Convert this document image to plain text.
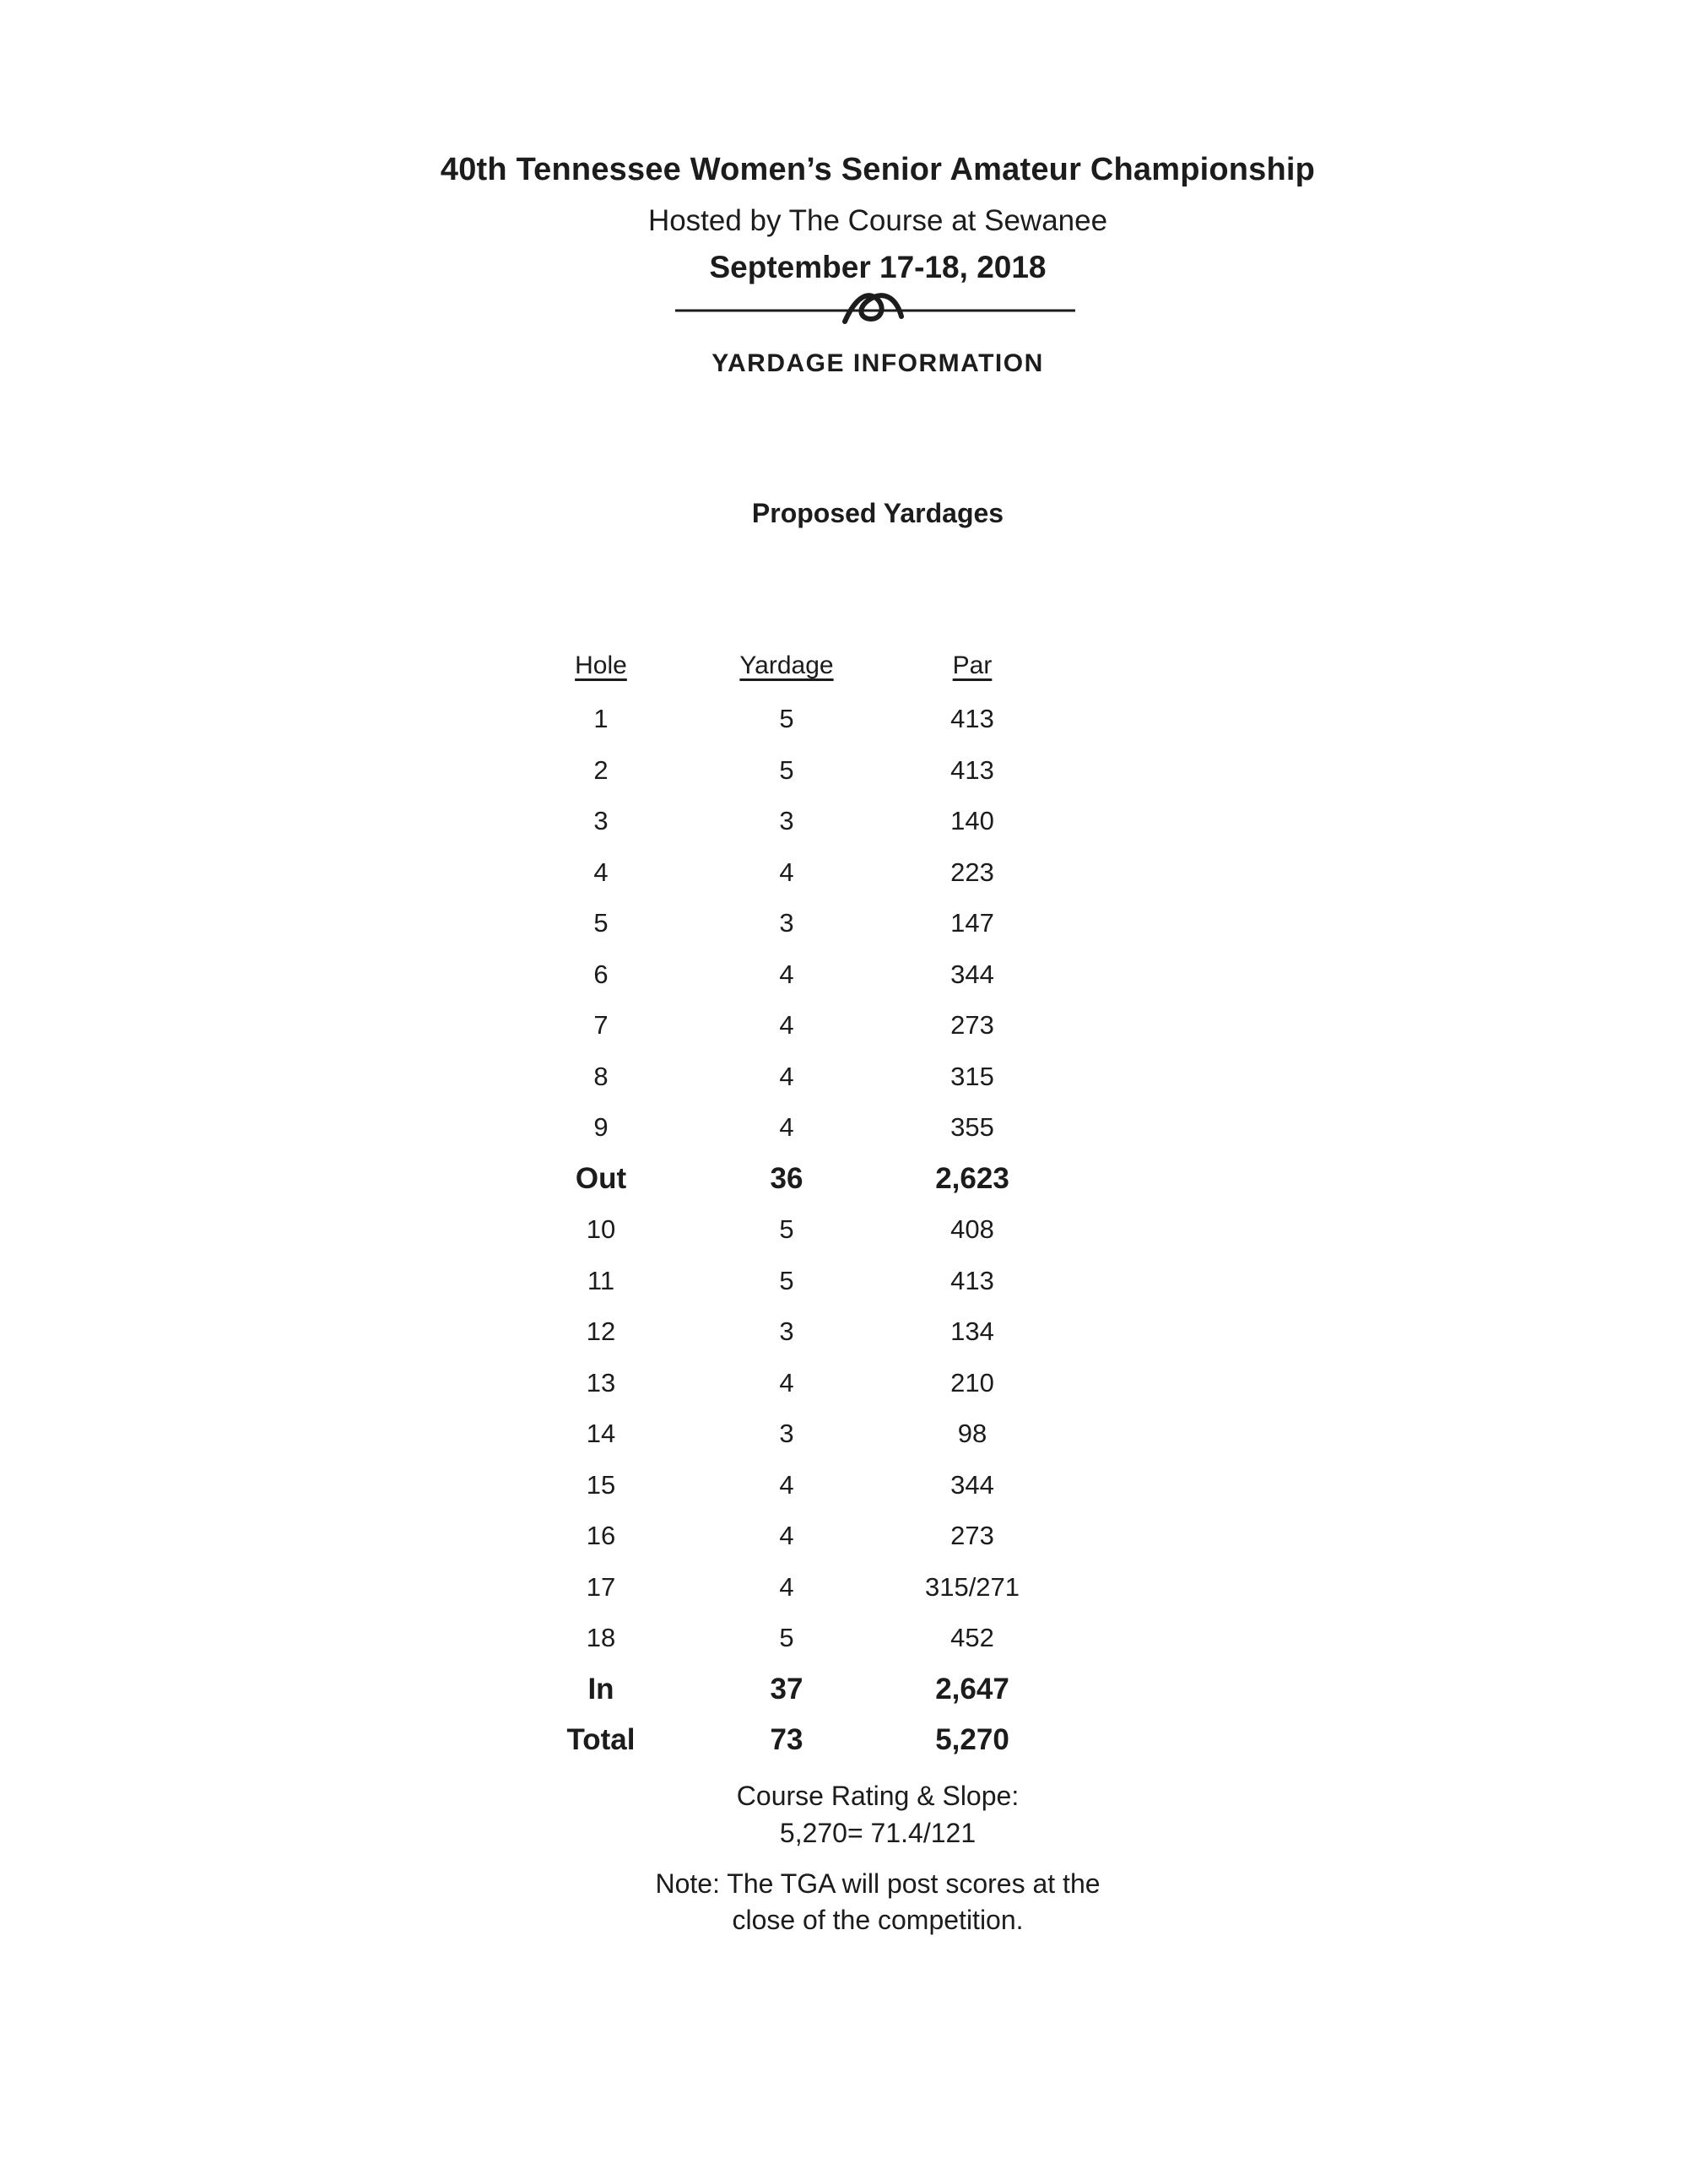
40th Tennessee Women’s Senior Amateur Championship
Hosted by The Course at Sewanee
September 17-18, 2018
YARDAGE INFORMATION
Proposed Yardages
Hole	Yardage	Par
1	5	413
2	5	413
3	3	140
4	4	223
5	3	147
6	4	344
7	4	273
8	4	315
9	4	355
Out	36	2,623
10	5	408
11	5	413
12	3	134
13	4	210
14	3	98
15	4	344
16	4	273
17	4	315/271
18	5	452
In	37	2,647
Total	73	5,270
Course Rating & Slope:
5,270= 71.4/121
Note: The TGA will post scores at the
close of the competition.
